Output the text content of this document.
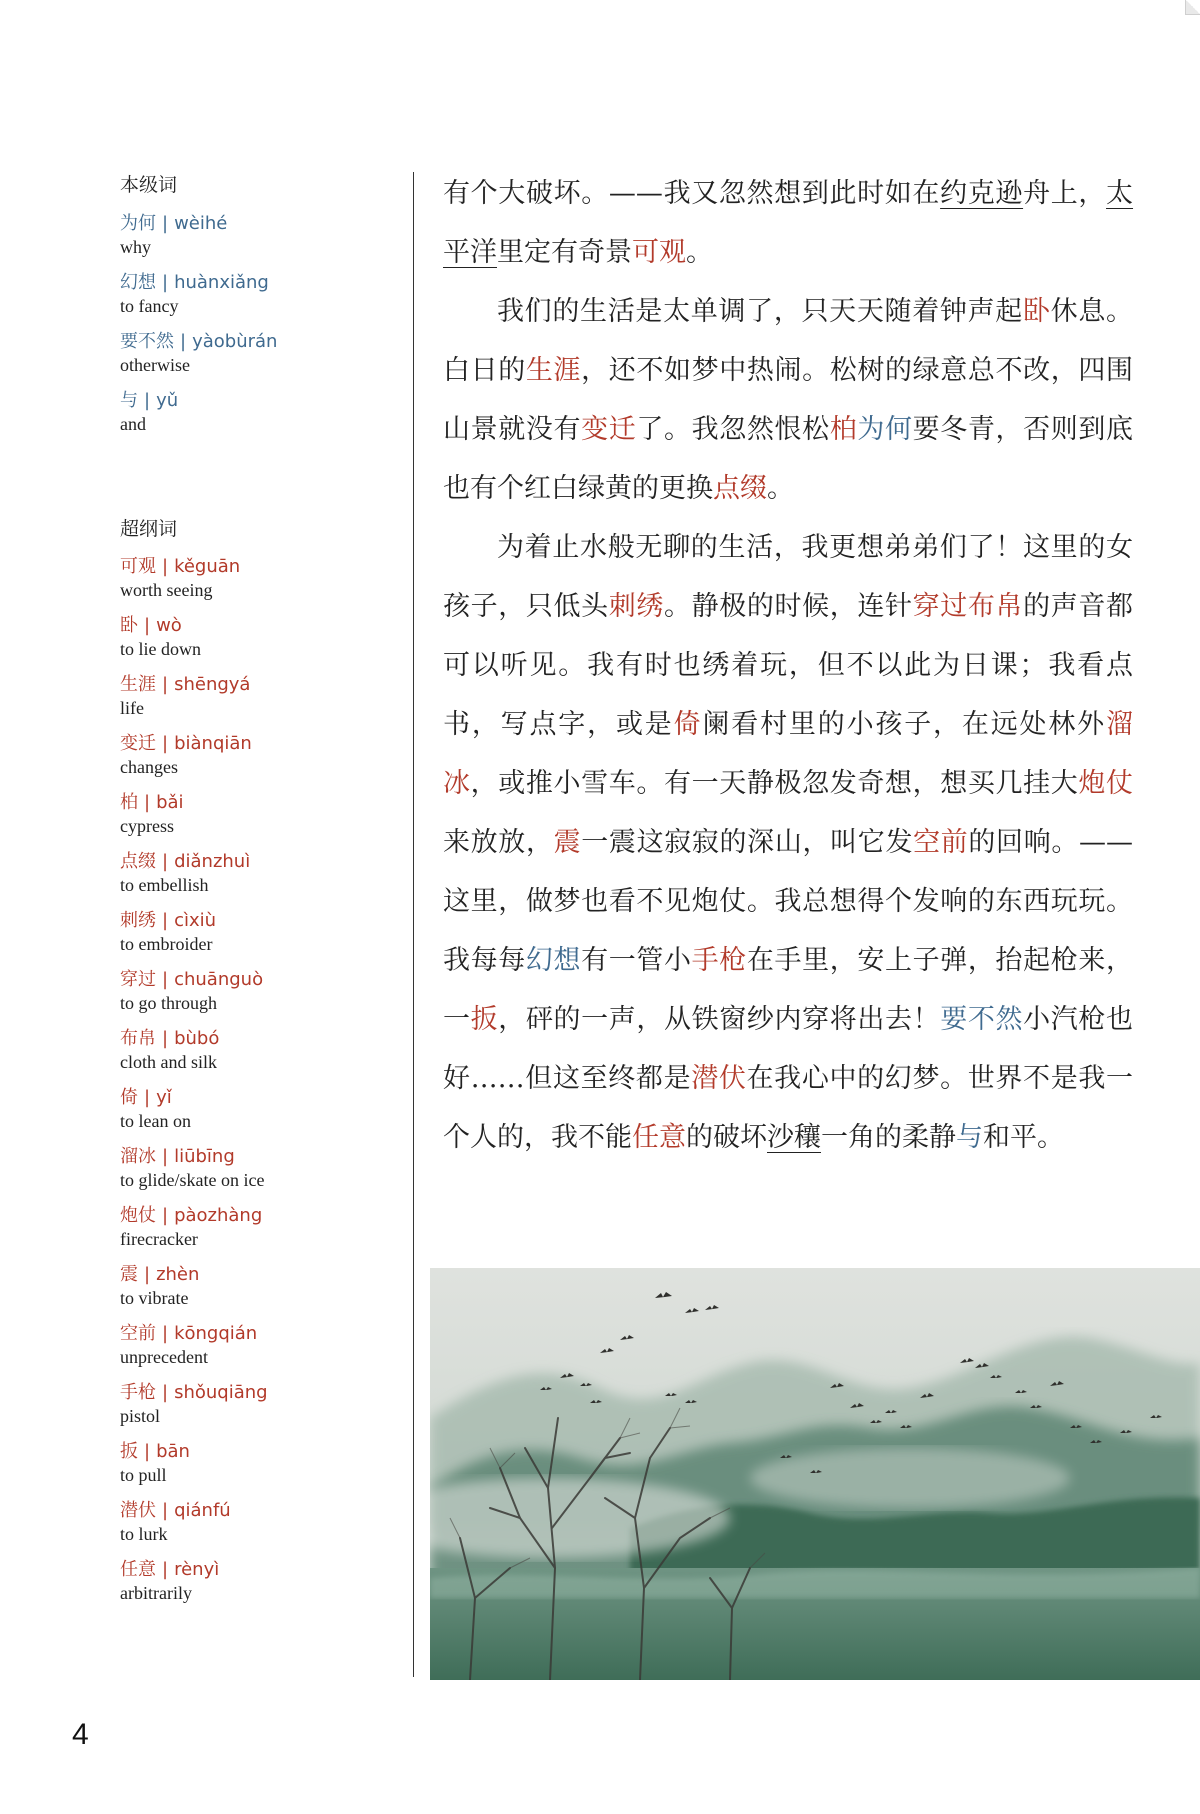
本级词
为何 | wèihé
why
幻想 | huànxiǎng
to fancy
要不然 | yàobùrán
otherwise
与 | yǔ
and
超纲词
可观 | kěguān
worth seeing
卧 | wò
to lie down
生涯 | shēngyá
life
变迁 | biànqiān
changes
柏 | bǎi
cypress
点缀 | diǎnzhuì
to embellish
刺绣 | cìxiù
to embroider
穿过 | chuānguò
to go through
布帛 | bùbó
cloth and silk
倚 | yǐ
to lean on
溜冰 | liūbīng
to glide/skate on ice
炮仗 | pàozhàng
firecracker
震 | zhèn
to vibrate
空前 | kōngqián
unprecedent
手枪 | shǒuqiāng
pistol
扳 | bān
to pull
潜伏 | qiánfú
to lurk
任意 | rènyì
arbitrarily

有个大破坏。——我又忽然想到此时如在约克逊舟上，太平洋里定有奇景可观。

我们的生活是太单调了，只天天随着钟声起卧休息。白日的生涯，还不如梦中热闹。松树的绿意总不改，四围山景就没有变迁了。我忽然恨松柏为何要冬青，否则到底也有个红白绿黄的更换点缀。

为着止水般无聊的生活，我更想弟弟们了！这里的女孩子，只低头刺绣。静极的时候，连针穿过布帛的声音都可以听见。我有时也绣着玩，但不以此为日课；我看点书，写点字，或是倚阑看村里的小孩子，在远处林外溜冰，或推小雪车。有一天静极忽发奇想，想买几挂大炮仗来放放，震一震这寂寂的深山，叫它发空前的回响。——这里，做梦也看不见炮仗。我总想得个发响的东西玩玩。我每每幻想有一管小手枪在手里，安上子弹，抬起枪来，一扳，砰的一声，从铁窗纱内穿将出去！要不然小汽枪也好……但这至终都是潜伏在我心中的幻梦。世界不是我一个人的，我不能任意的破坏沙穰一角的柔静与和平。

4
